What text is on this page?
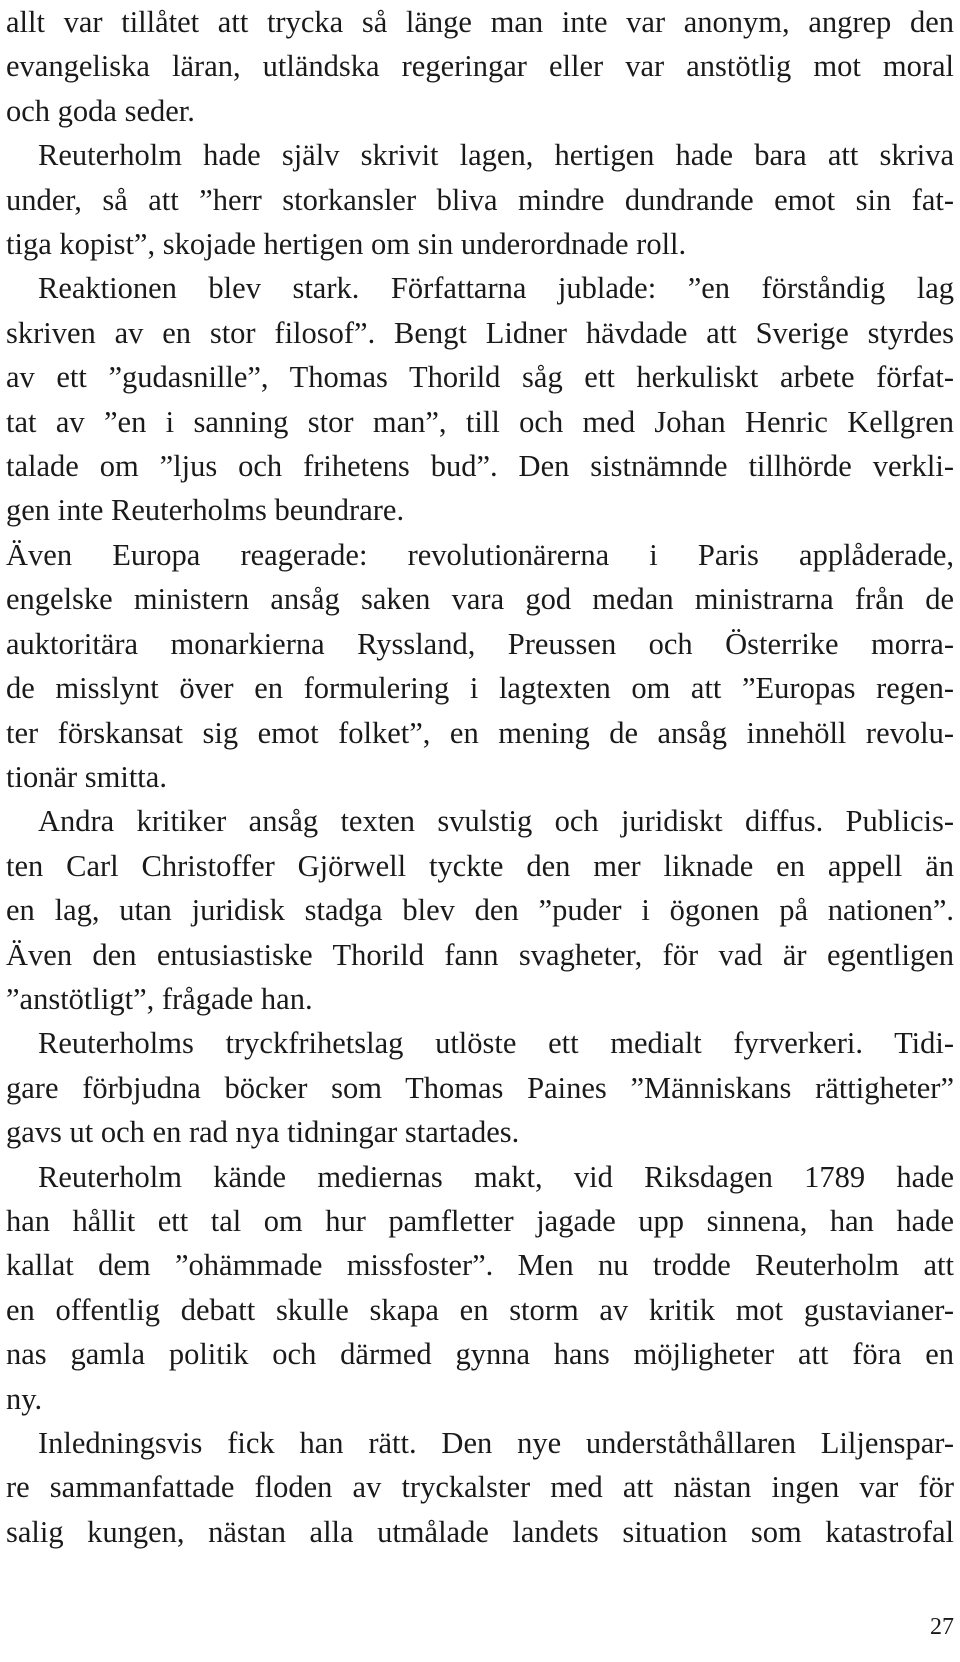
allt var tillåtet att trycka så länge man inte var anonym, angrep den
evangeliska läran, utländska regeringar eller var anstötlig mot moral
och goda seder.

Reuterholm hade själv skrivit lagen, hertigen hade bara att skriva
under, så att ”herr storkansler bliva mindre dundrande emot sin fat-
tiga kopist”, skojade hertigen om sin underordnade roll.

Reaktionen blev stark. Författarna jublade: ”en förståndig lag
skriven av en stor filosof”. Bengt Lidner hävdade att Sverige styrdes
av ett ”gudasnille”, Thomas Thorild såg ett herkuliskt arbete förfat-
tat av ”en i sanning stor man”, till och med Johan Henric Kellgren
talade om ”ljus och frihetens bud”. Den sistnämnde tillhörde verkli-
gen inte Reuterholms beundrare.

Även Europa reagerade: revolutionärerna i Paris applåderade,
engelske ministern ansåg saken vara god medan ministrarna från de
auktoritära monarkierna Ryssland, Preussen och Österrike morra-
de misslynt över en formulering i lagtexten om att ”Europas regen-
ter förskansat sig emot folket”, en mening de ansåg innehöll revolu-
tionär smitta.

Andra kritiker ansåg texten svulstig och juridiskt diffus. Publicis-
ten Carl Christoffer Gjörwell tyckte den mer liknade en appell än
en lag, utan juridisk stadga blev den ”puder i ögonen på nationen”.
Även den entusiastiske Thorild fann svagheter, för vad är egentligen
”anstötligt”, frågade han.

Reuterholms tryckfrihetslag utlöste ett medialt fyrverkeri. Tidi-
gare förbjudna böcker som Thomas Paines ”Människans rättigheter”
gavs ut och en rad nya tidningar startades.

Reuterholm kände mediernas makt, vid Riksdagen 1789 hade
han hållit ett tal om hur pamfletter jagade upp sinnena, han hade
kallat dem ”ohämmade missfoster”. Men nu trodde Reuterholm att
en offentlig debatt skulle skapa en storm av kritik mot gustavianer-
nas gamla politik och därmed gynna hans möjligheter att föra en
ny.

Inledningsvis fick han rätt. Den nye underståthållaren Liljenspar-
re sammanfattade floden av tryckalster med att nästan ingen var för
salig kungen, nästan alla utmålade landets situation som katastrofal

27
